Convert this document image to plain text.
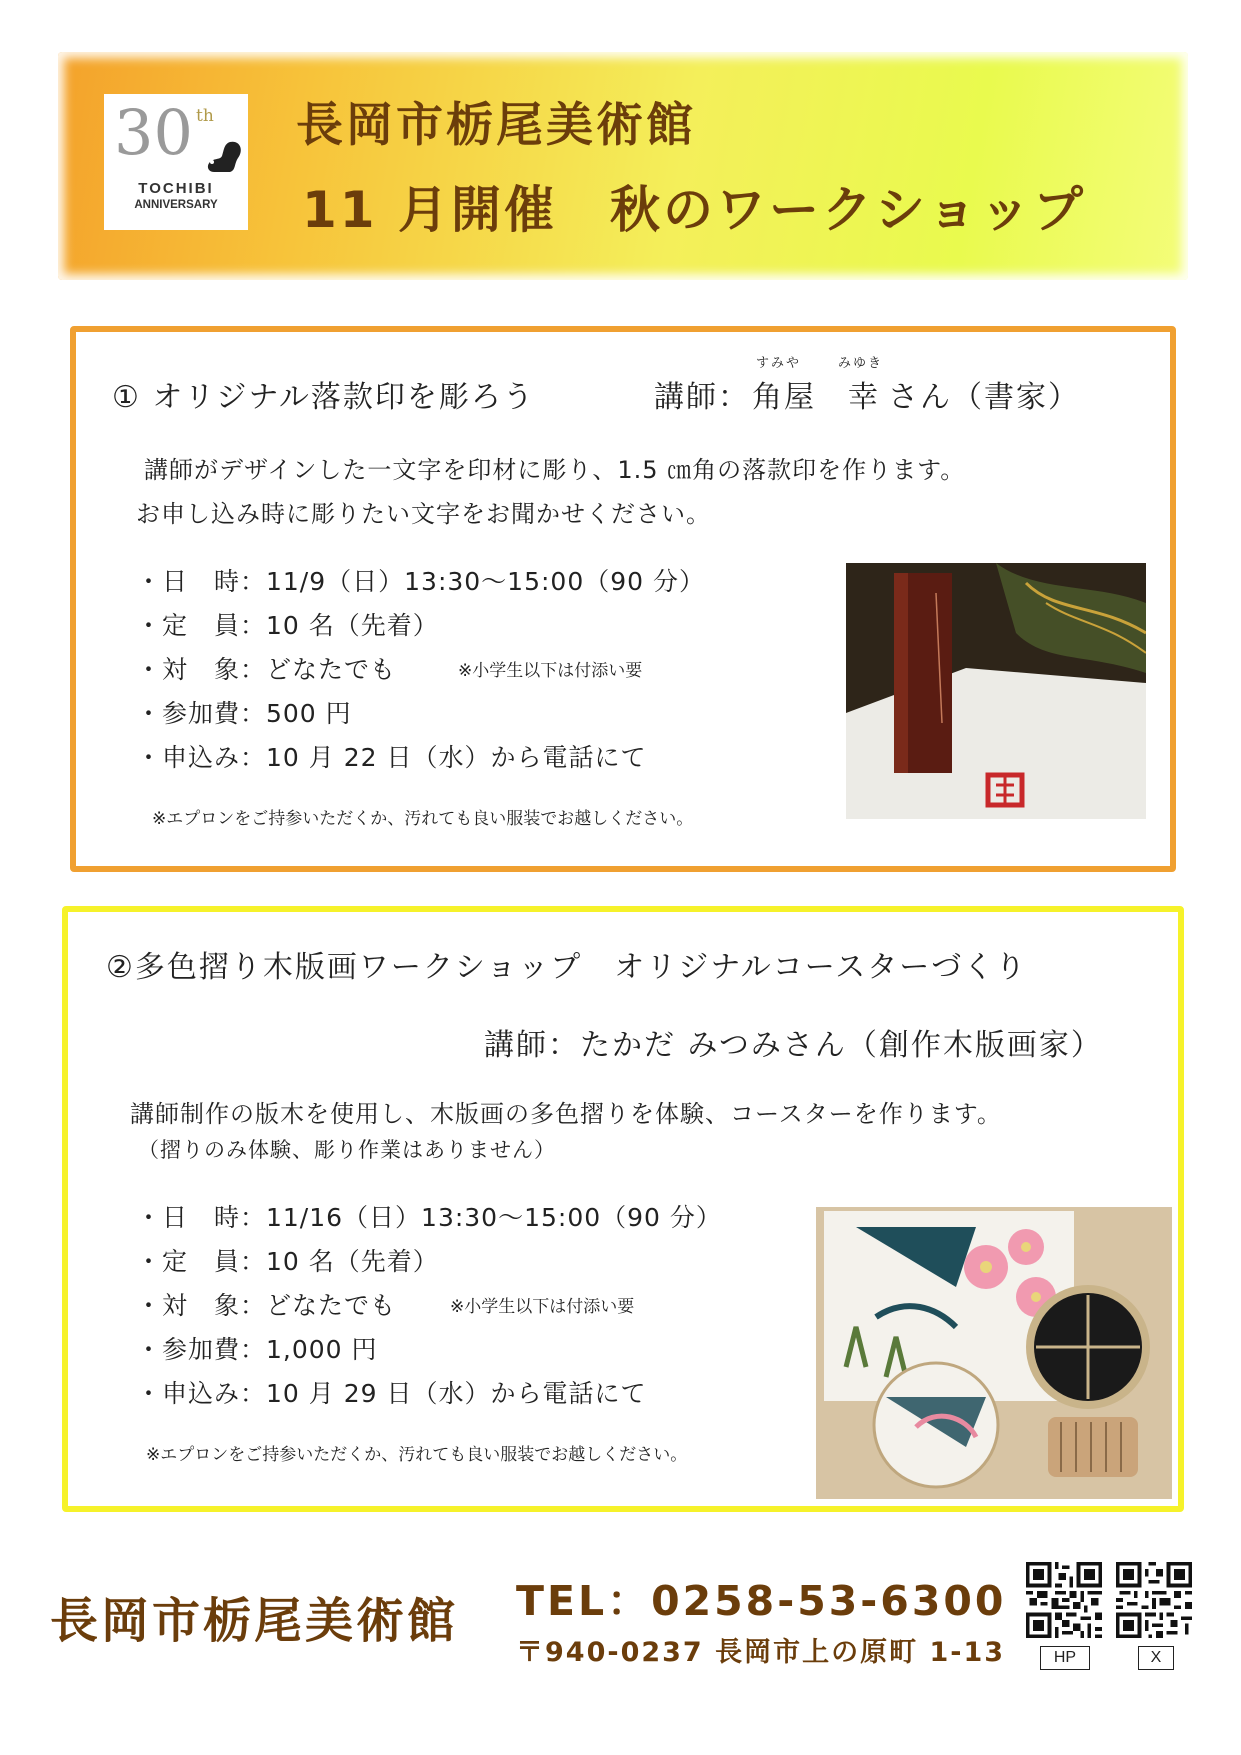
30 th
TOCHIBI
ANNIVERSARY
長岡市栃尾美術館
11 月開催　秋のワークショップ
すみや	みゆき
① オリジナル落款印を彫ろう	講師： 角屋　幸 さん（書家）
講師がデザインした一文字を印材に彫り、1.5 ㎝角の落款印を作ります。
お申し込み時に彫りたい文字をお聞かせください。
・日　時：11/9（日）13:30～15:00（90 分）
・定　員：10 名（先着）
・対　象：どなたでも	※小学生以下は付添い要
・参加費：500 円
・申込み：10 月 22 日（水）から電話にて
※エプロンをご持参いただくか、汚れても良い服装でお越しください。
②多色摺り木版画ワークショップ　オリジナルコースターづくり
講師：たかだ みつみさん（創作木版画家）
講師制作の版木を使用し、木版画の多色摺りを体験、コースターを作ります。
（摺りのみ体験、彫り作業はありません）
・日　時：11/16（日）13:30～15:00（90 分）
・定　員：10 名（先着）
・対　象：どなたでも	※小学生以下は付添い要
・参加費：1,000 円
・申込み：10 月 29 日（水）から電話にて
※エプロンをご持参いただくか、汚れても良い服装でお越しください。
長岡市栃尾美術館 TEL：0258-53-6300
〒940-0237 長岡市上の原町 1-13	HP	X
